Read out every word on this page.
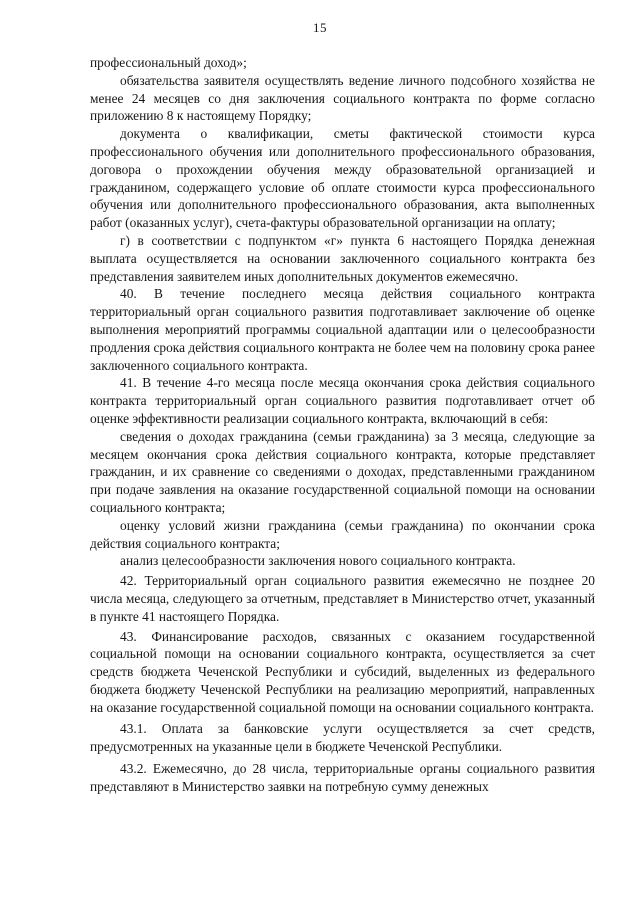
15

профессиональный доход»;

обязательства заявителя осуществлять ведение личного подсобного хозяйства не менее 24 месяцев со дня заключения социального контракта по форме согласно приложению 8 к настоящему Порядку;

документа о квалификации, сметы фактической стоимости курса профессионального обучения или дополнительного профессионального образования, договора о прохождении обучения между образовательной организацией и гражданином, содержащего условие об оплате стоимости курса профессионального обучения или дополнительного профессионального образования, акта выполненных работ (оказанных услуг), счета-фактуры образовательной организации на оплату;

г) в соответствии с подпунктом «г» пункта 6 настоящего Порядка денежная выплата осуществляется на основании заключенного социального контракта без представления заявителем иных дополнительных документов ежемесячно.

40. В течение последнего месяца действия социального контракта территориальный орган социального развития подготавливает заключение об оценке выполнения мероприятий программы социальной адаптации или о целесообразности продления срока действия социального контракта не более чем на половину срока ранее заключенного социального контракта.

41. В течение 4-го месяца после месяца окончания срока действия социального контракта территориальный орган социального развития подготавливает отчет об оценке эффективности реализации социального контракта, включающий в себя:

сведения о доходах гражданина (семьи гражданина) за 3 месяца, следующие за месяцем окончания срока действия социального контракта, которые представляет гражданин, и их сравнение со сведениями о доходах, представленными гражданином при подаче заявления на оказание государственной социальной помощи на основании социального контракта;

оценку условий жизни гражданина (семьи гражданина) по окончании срока действия социального контракта;

анализ целесообразности заключения нового социального контракта.

42. Территориальный орган социального развития ежемесячно не позднее 20 числа месяца, следующего за отчетным, представляет в Министерство отчет, указанный в пункте 41 настоящего Порядка.

43. Финансирование расходов, связанных с оказанием государственной социальной помощи на основании социального контракта, осуществляется за счет средств бюджета Чеченской Республики и субсидий, выделенных из федерального бюджета бюджету Чеченской Республики на реализацию мероприятий, направленных на оказание государственной социальной помощи на основании социального контракта.

43.1. Оплата за банковские услуги осуществляется за счет средств, предусмотренных на указанные цели в бюджете Чеченской Республики.

43.2. Ежемесячно, до 28 числа, территориальные органы социального развития представляют в Министерство заявки на потребную сумму денежных
